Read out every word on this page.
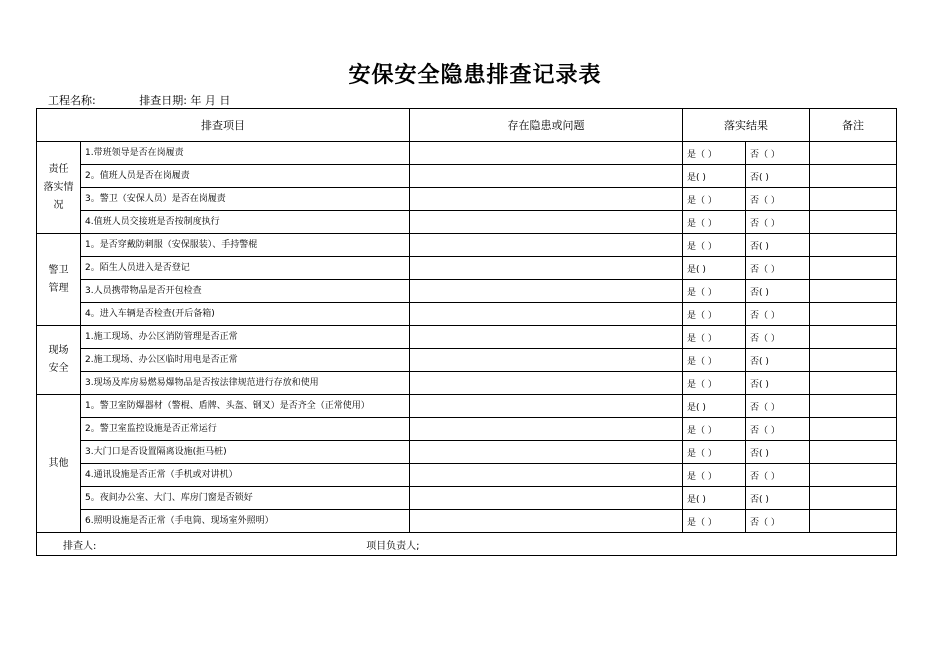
安保安全隐患排查记录表
工程名称:	排查日期: 年 月 日
排查项目		存在隐患或问题	落实结果		备注
责任
落实情
况	1.带班领导是否在岗履责		是（ ）	否（ ）	
	2。值班人员是否在岗履责		是( )	否( )	
	3。警卫（安保人员）是否在岗履责		是（ ）	否（ ）	
	4.值班人员交接班是否按制度执行		是（ ）	否（ ）	
警卫
管理	1。是否穿戴防刺服（安保服装）、手持警棍		是（ ）	否( )	
	2。陌生人员进入是否登记		是( )	否（ ）	
	3.人员携带物品是否开包检查		是（ ）	否( )	
	4。进入车辆是否检查(开后备箱)		是（ ）	否（ ）	
现场
安全	1.施工现场、办公区消防管理是否正常		是（ ）	否（ ）	
	2.施工现场、办公区临时用电是否正常		是（ ）	否( )	
	3.现场及库房易燃易爆物品是否按法律规范进行存放和使用		是（ ）	否( )	
其他	1。警卫室防爆器材（警棍、盾牌、头盔、钢叉）是否齐全（正常使用）		是( )	否（ ）	
	2。警卫室监控设施是否正常运行		是（ ）	否（ ）	
	3.大门口是否设置隔离设施(拒马桩)		是（ ）	否( )	
	4.通讯设施是否正常（手机或对讲机）		是（ ）	否（ ）	
	5。夜间办公室、大门、库房门窗是否锁好		是( )	否( )	
	6.照明设施是否正常（手电筒、现场室外照明）		是（ ）	否（ ）	
排查人: 项目负责人;					
